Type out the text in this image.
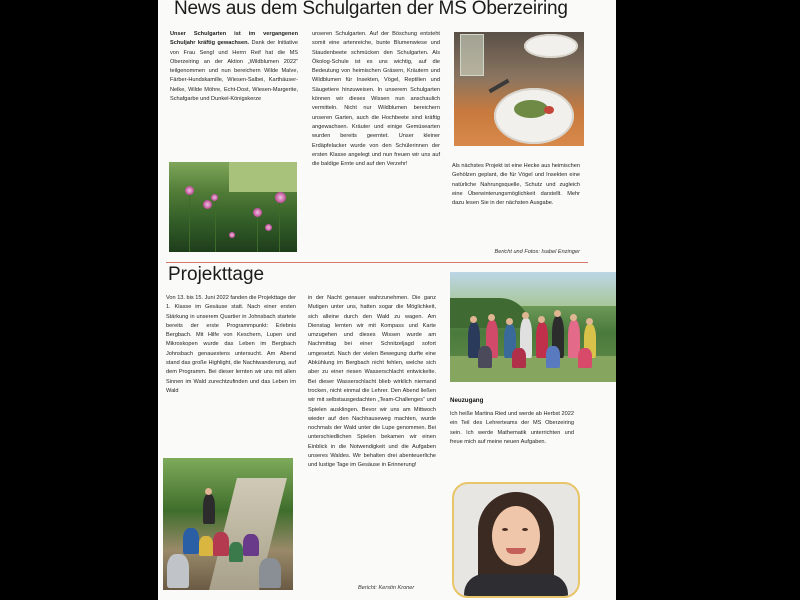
News aus dem Schulgarten der MS Oberzeiring

Unser Schulgarten ist im vergangenen Schuljahr kräftig gewachsen. Dank der Initiative von Frau Sengl und Herrn Reif hat die MS Oberzeiring an der Aktion „Wildblumen 2022“ teilgenommen und nun bereichern Wilde Malve, Färber-Hundskamille, Wiesen-Salbei, Karthäuser-Nelke, Wilde Möhre, Echt-Dost, Wiesen-Margerite, Schafgarbe und Dunkel-Königskerze

unseren Schulgarten. Auf der Böschung entsteht somit eine artenreiche, bunte Blumenwiese und Staudenbeete schmücken den Schulgarten. Als Ökolog-Schule ist es uns wichtig, auf die Bedeutung von heimischen Gräsern, Kräutern und Wildblumen für Insekten, Vögel, Reptilien und Säugetiere hinzuweisen. In unserem Schulgarten können wir dieses Wissen nun anschaulich vermitteln. Nicht nur Wildblumen bereichern unseren Garten, auch die Hochbeete sind kräftig angewachsen. Kräuter und einige Gemüsearten wurden bereits geerntet. Unser kleiner Erdäpfelacker wurde von den Schülerinnen der ersten Klasse angelegt und nun freuen wir uns auf die baldige Ernte und auf den Verzehr!	Als nächstes Projekt ist eine Hecke aus heimischen Gehölzen geplant, die für Vögel und Insekten eine natürliche Nahrungsquelle, Schutz und zugleich eine Überwinterungsmöglichkeit darstellt. Mehr dazu lesen Sie in der nächsten Ausgabe.

Bericht und Fotos: Isabel Enzinger
Projekttage

Von 13. bis 15. Juni 2022 fanden die Projekttage der 1. Klasse im Gesäuse statt. Nach einer ersten Stärkung in unserem Quartier in Johnsbach startete bereits der erste Programmpunkt: Erlebnis Bergbach. Mit Hilfe von Keschern, Lupen und Mikroskopen wurde das Leben im Bergbach Johnsbach genauestens untersucht. Am Abend stand das große Highlight, die Nachtwanderung, auf dem Programm. Bei dieser lernten wir uns mit allen Sinnen im Wald zurechtzufinden und das Leben im Wald

in der Nacht genauer wahrzunehmen. Die ganz Mutigen unter uns, hatten sogar die Möglichkeit, sich alleine durch den Wald zu wagen. Am Dienstag lernten wir mit Kompass und Karte umzugehen und dieses Wissen wurde am Nachmittag bei einer Schnitzeljagd sofort umgesetzt. Nach der vielen Bewegung durfte eine Abkühlung im Bergbach nicht fehlen, welche sich aber zu einer riesen Wasserschlacht entwickelte. Bei dieser Wasserschlacht blieb wirklich niemand trocken, nicht einmal die Lehrer. Den Abend ließen wir mit selbstausgedachten „Team-Challenges“ und Spielen ausklingen. Bevor wir uns am Mittwoch wieder auf den Nachhauseweg machten, wurde nochmals der Wald unter die Lupe genommen. Bei unterschiedlichen Spielen bekamen wir einen Einblick in die Notwendigkeit und die Aufgaben unseres Waldes. Wir behalten drei abenteuerliche und lustige Tage im Gesäuse in Erinnerung!

Bericht: Kerstin Kroner
Neuzugang

Ich heiße Martina Ried und werde ab Herbst 2022 ein Teil des Lehrerteams der MS Oberzeiring sein. Ich werde Mathematik unterrichten und freue mich auf meine neuen Aufgaben.
